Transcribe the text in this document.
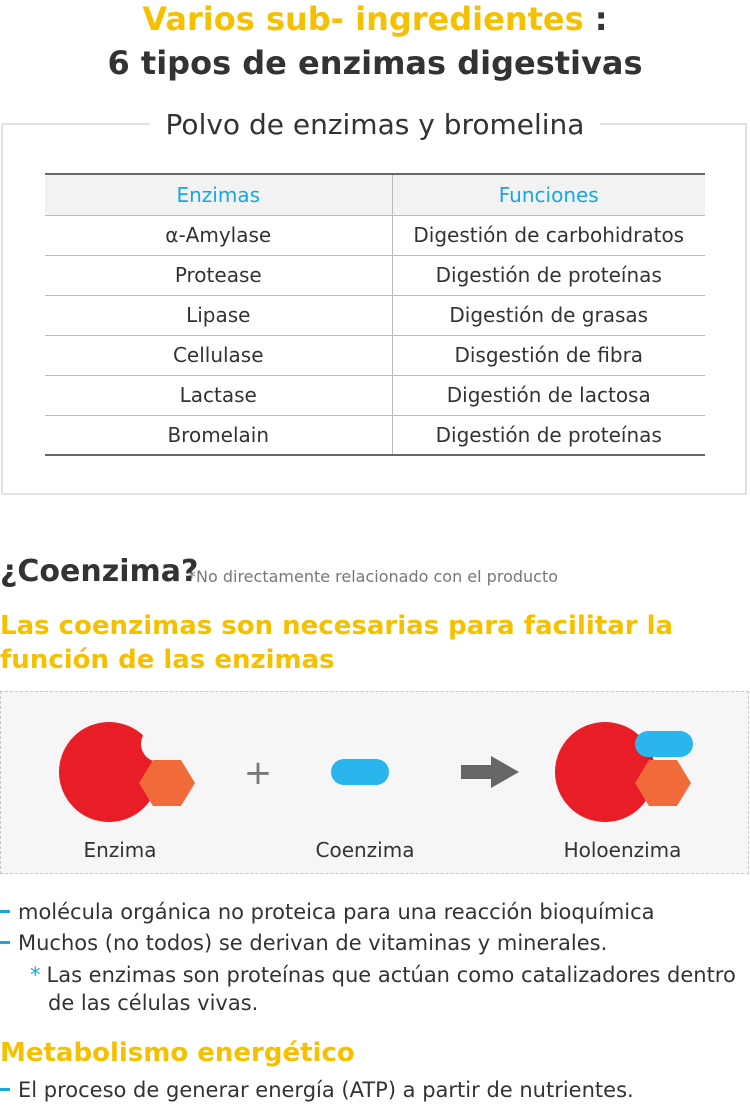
Varios sub- ingredientes :
6 tipos de enzimas digestivas
Polvo de enzimas y bromelina
Enzimas	Funciones
α-Amylase	Digestión de carbohidratos
Protease	Digestión de proteínas
Lipase	Digestión de grasas
Cellulase	Disgestión de fibra
Lactase	Digestión de lactosa
Bromelain	Digestión de proteínas
¿Coenzima?
*No directamente relacionado con el producto
Las coenzimas son necesarias para facilitar la función de las enzimas
+
Enzima	Coenzima	Holoenzima
molécula orgánica no proteica para una reacción bioquímica
Muchos (no todos) se derivan de vitaminas y minerales.
* Las enzimas son proteínas que actúan como catalizadores dentro
de las células vivas.
Metabolismo energético
El proceso de generar energía (ATP) a partir de nutrientes.
